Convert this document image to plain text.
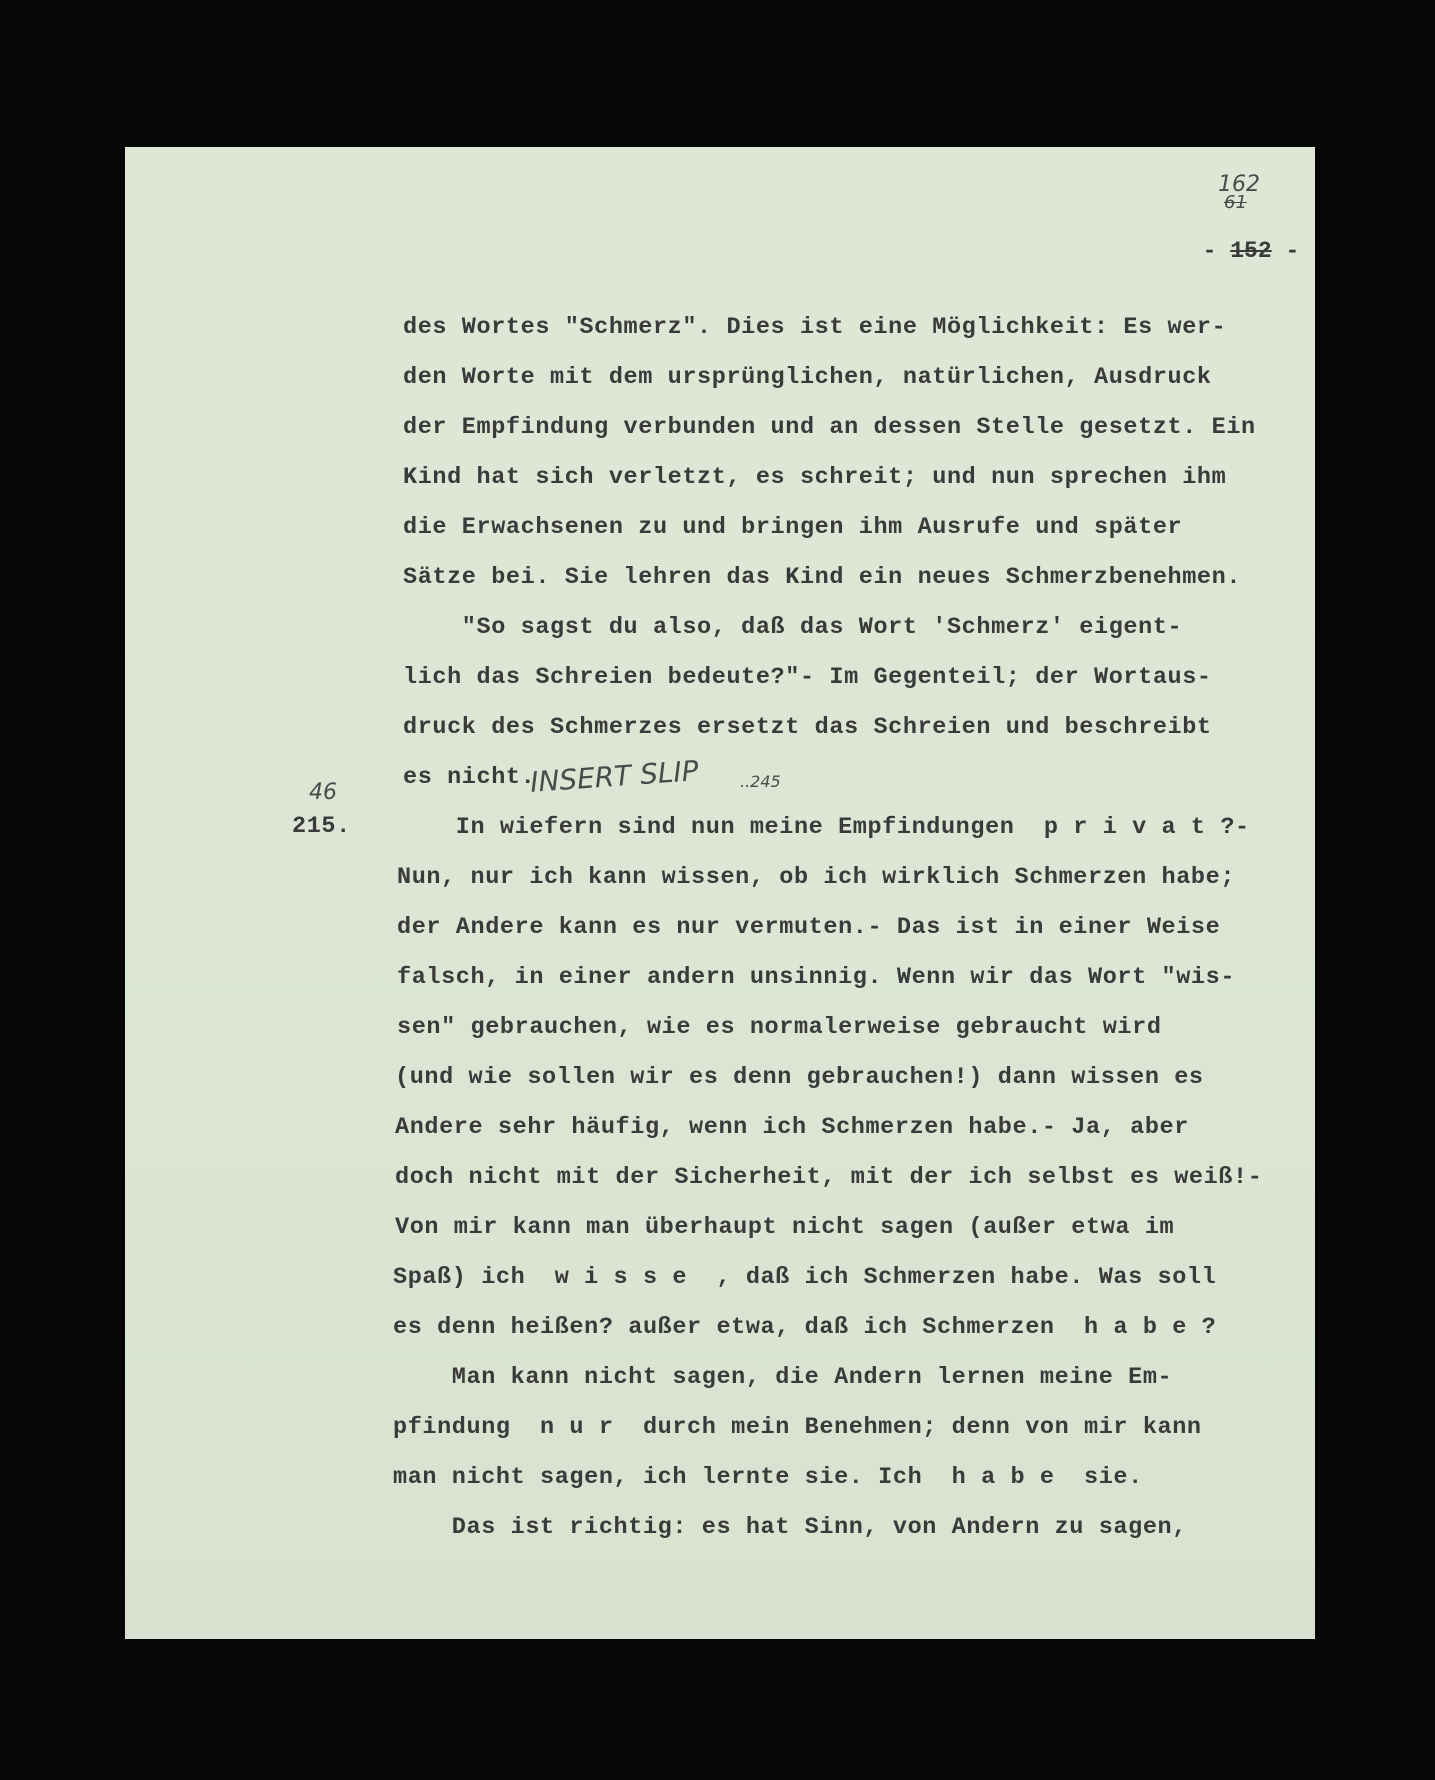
162
61

- 152 -

46
215.
INSERT SLIP	..245
des Wortes "Schmerz". Dies ist eine Möglichkeit: Es wer-
den Worte mit dem ursprünglichen, natürlichen, Ausdruck
der Empfindung verbunden und an dessen Stelle gesetzt. Ein
Kind hat sich verletzt, es schreit; und nun sprechen ihm
die Erwachsenen zu und bringen ihm Ausrufe und später
Sätze bei. Sie lehren das Kind ein neues Schmerzbenehmen.
"So sagst du also, daß das Wort 'Schmerz' eigent-
lich das Schreien bedeute?"- Im Gegenteil; der Wortaus-
druck des Schmerzes ersetzt das Schreien und beschreibt
es nicht.
In wiefern sind nun meine Empfindungen  p r i v a t ?-
Nun, nur ich kann wissen, ob ich wirklich Schmerzen habe;
der Andere kann es nur vermuten.- Das ist in einer Weise
falsch, in einer andern unsinnig. Wenn wir das Wort "wis-
sen" gebrauchen, wie es normalerweise gebraucht wird
(und wie sollen wir es denn gebrauchen!) dann wissen es
Andere sehr häufig, wenn ich Schmerzen habe.- Ja, aber
doch nicht mit der Sicherheit, mit der ich selbst es weiß!-
Von mir kann man überhaupt nicht sagen (außer etwa im
Spaß) ich  w i s s e  , daß ich Schmerzen habe. Was soll
es denn heißen? außer etwa, daß ich Schmerzen  h a b e ?
Man kann nicht sagen, die Andern lernen meine Em-
pfindung  n u r  durch mein Benehmen; denn von mir kann
man nicht sagen, ich lernte sie. Ich  h a b e  sie.
Das ist richtig: es hat Sinn, von Andern zu sagen,
